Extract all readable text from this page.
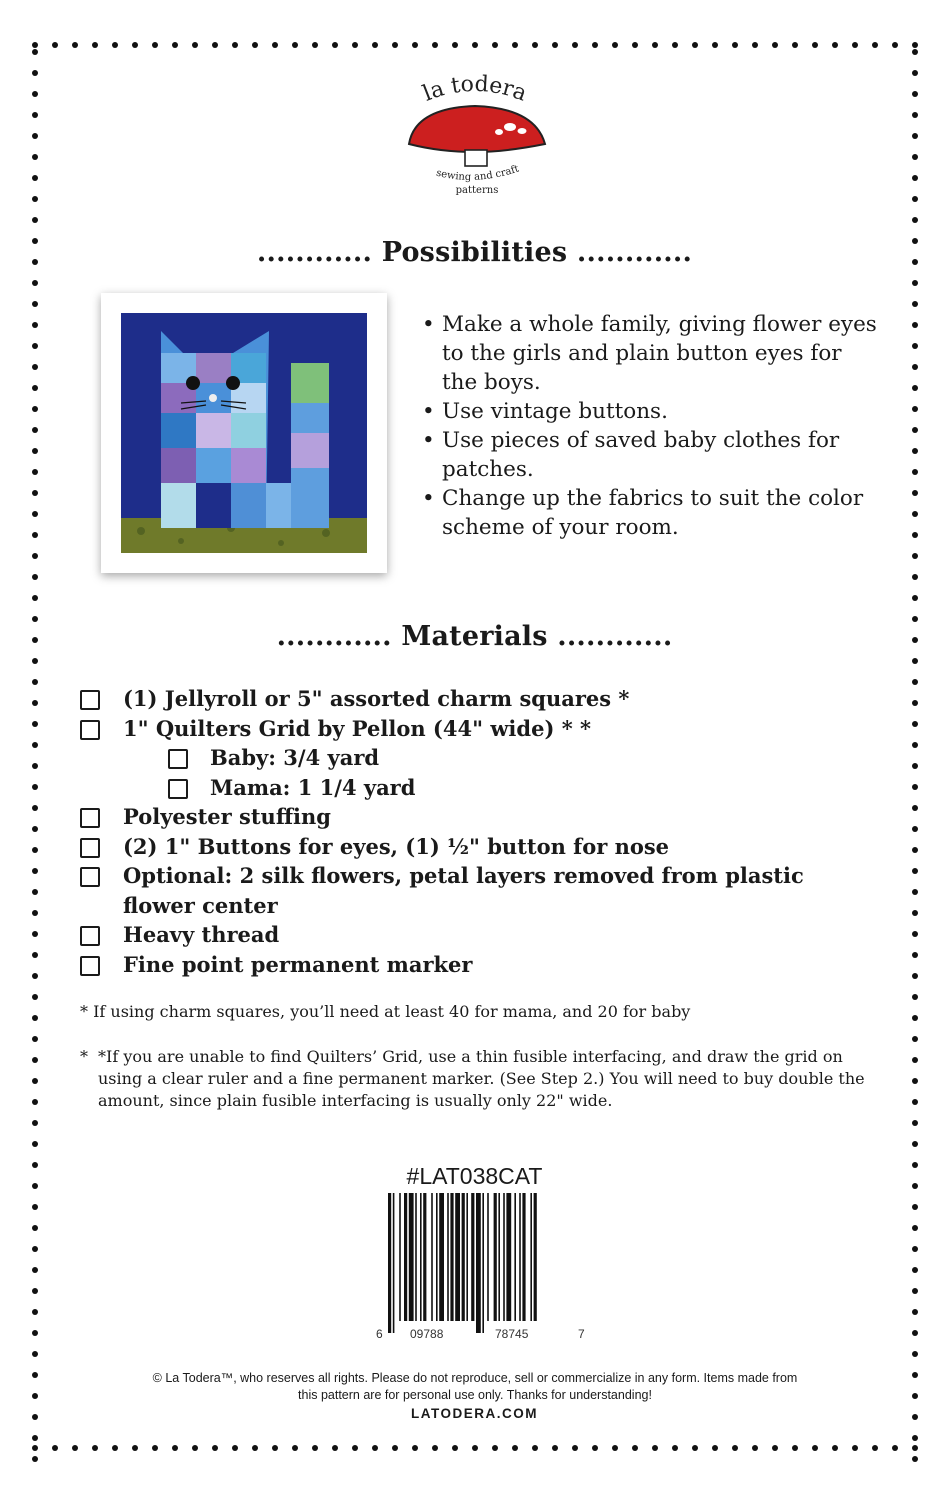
la todera
sewing and craft
patterns
............ Possibilities ............
• Make a whole family, giving flower eyes to the girls and plain button eyes for the boys.
• Use vintage buttons.
• Use pieces of saved baby clothes for patches.
• Change up the fabrics to suit the color scheme of your room.
............ Materials ............
(1) Jellyroll or 5" assorted charm squares *
1" Quilters Grid by Pellon (44" wide) * *
Baby: 3/4 yard
Mama: 1 1/4 yard
Polyester stuffing
(2) 1" Buttons for eyes, (1) ½" button for nose
Optional: 2 silk flowers, petal layers removed from plastic flower center
Heavy thread
Fine point permanent marker
* If using charm squares, you’ll need at least 40 for mama, and 20 for baby
* *If you are unable to find Quilters’ Grid, use a thin fusible interfacing, and draw the grid on using a clear ruler and a fine permanent marker. (See Step 2.) You will need to buy double the amount, since plain fusible interfacing is usually only 22" wide.
#LAT038CAT
6 09788	78745	7
© La Todera™, who reserves all rights. Please do not reproduce, sell or commercialize in any form. Items made from
this pattern are for personal use only. Thanks for understanding!
LATODERA.COM
